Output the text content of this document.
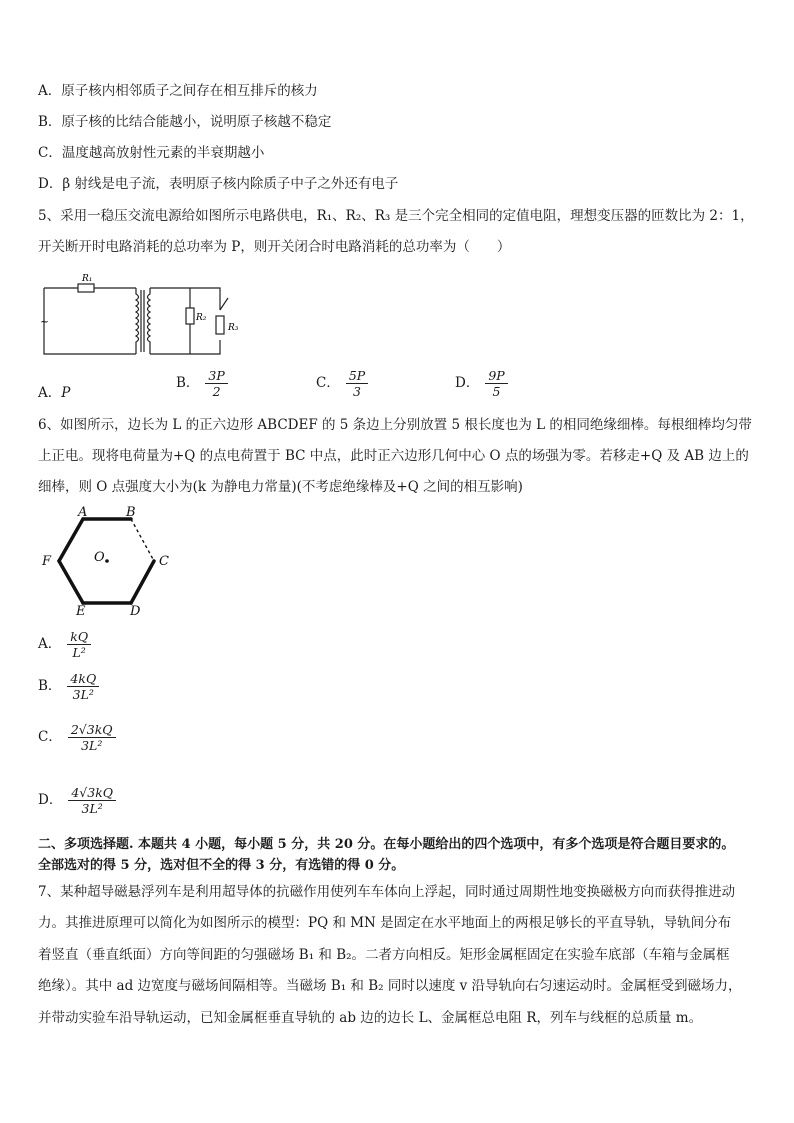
A．原子核内相邻质子之间存在相互排斥的核力
B．原子核的比结合能越小，说明原子核越不稳定
C．温度越高放射性元素的半衰期越小
D．β 射线是电子流，表明原子核内除质子中子之外还有电子
5、采用一稳压交流电源给如图所示电路供电，R₁、R₂、R₃ 是三个完全相同的定值电阻，理想变压器的匝数比为 2：1，
开关断开时电路消耗的总功率为 P，则开关闭合时电路消耗的总功率为（　　）
R₁
R₂
R₃
~
A．P
B． $\frac{3P}{2}$	C． $\frac{5P}{3}$	D． $\frac{9P}{5}$
6、如图所示，边长为 L 的正六边形 ABCDEF 的 5 条边上分别放置 5 根长度也为 L 的相同绝缘细棒。每根细棒均匀带
上正电。现将电荷量为+Q 的点电荷置于 BC 中点，此时正六边形几何中心 O 点的场强为零。若移走+Q 及 AB 边上的
细棒，则 O 点强度大小为(k 为静电力常量)(不考虑绝缘棒及+Q 之间的相互影响)
A	B
C
D
E
F	O
A． $\frac{kQ}{\text{L²}}$
B． $\frac{4kQ}{\text{3L²}}$
C． $\frac{2√3kQ}{\text{3L²}}$
D． $\frac{4√3kQ}{\text{3L²}}$
二、多项选择题. 本题共 4 小题，每小题 5 分，共 20 分。在每小题给出的四个选项中，有多个选项是符合题目要求的。
全部选对的得 5 分，选对但不全的得 3 分，有选错的得 0 分。
7、某种超导磁悬浮列车是利用超导体的抗磁作用使列车车体向上浮起，同时通过周期性地变换磁极方向而获得推进动
力。其推进原理可以简化为如图所示的模型：PQ 和 MN 是固定在水平地面上的两根足够长的平直导轨，导轨间分布
着竖直（垂直纸面）方向等间距的匀强磁场 B₁ 和 B₂。二者方向相反。矩形金属框固定在实验车底部（车箱与金属框
绝缘）。其中 ad 边宽度与磁场间隔相等。当磁场 B₁ 和 B₂ 同时以速度 v 沿导轨向右匀速运动时。金属框受到磁场力，
并带动实验车沿导轨运动，已知金属框垂直导轨的 ab 边的边长 L、金属框总电阻 R，列车与线框的总质量 m。
